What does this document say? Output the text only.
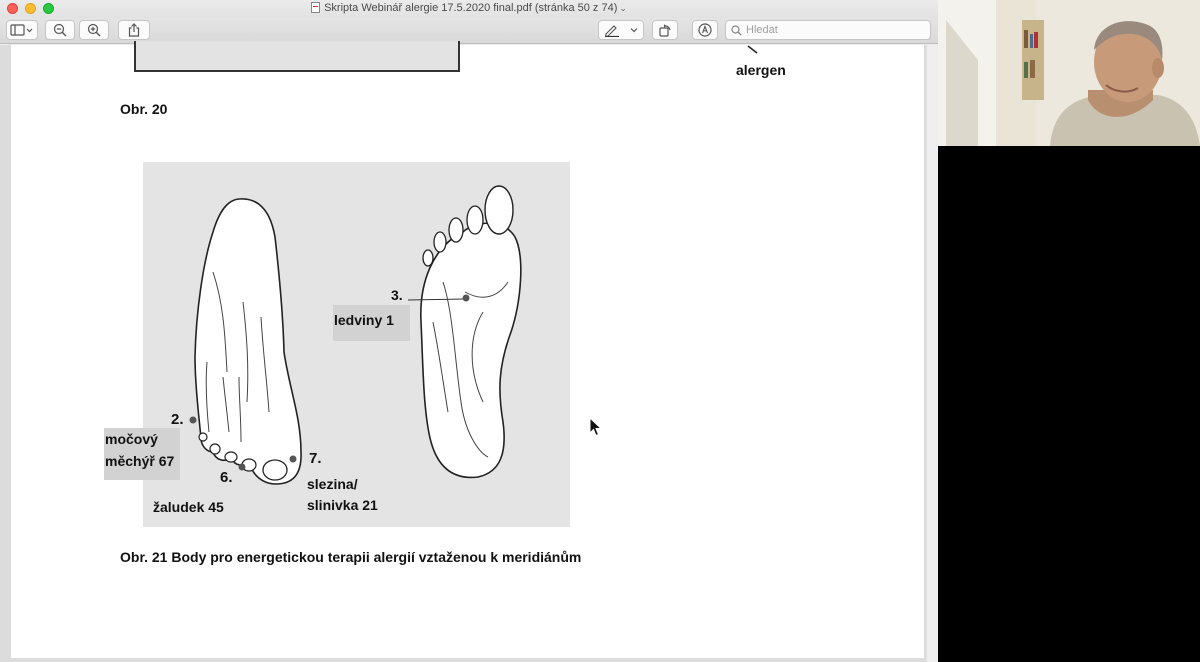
Skripta Webinář alergie 17.5.2020 final.pdf (stránka 50 z 74) ⌄
Hledat
alergen
Obr. 20
3.
ledviny 1
2.
močový
měchýř 67
6.
7.
žaludek 45
slezina/
slinivka 21
Obr. 21 Body pro energetickou terapii alergií vztaženou k meridiánům
